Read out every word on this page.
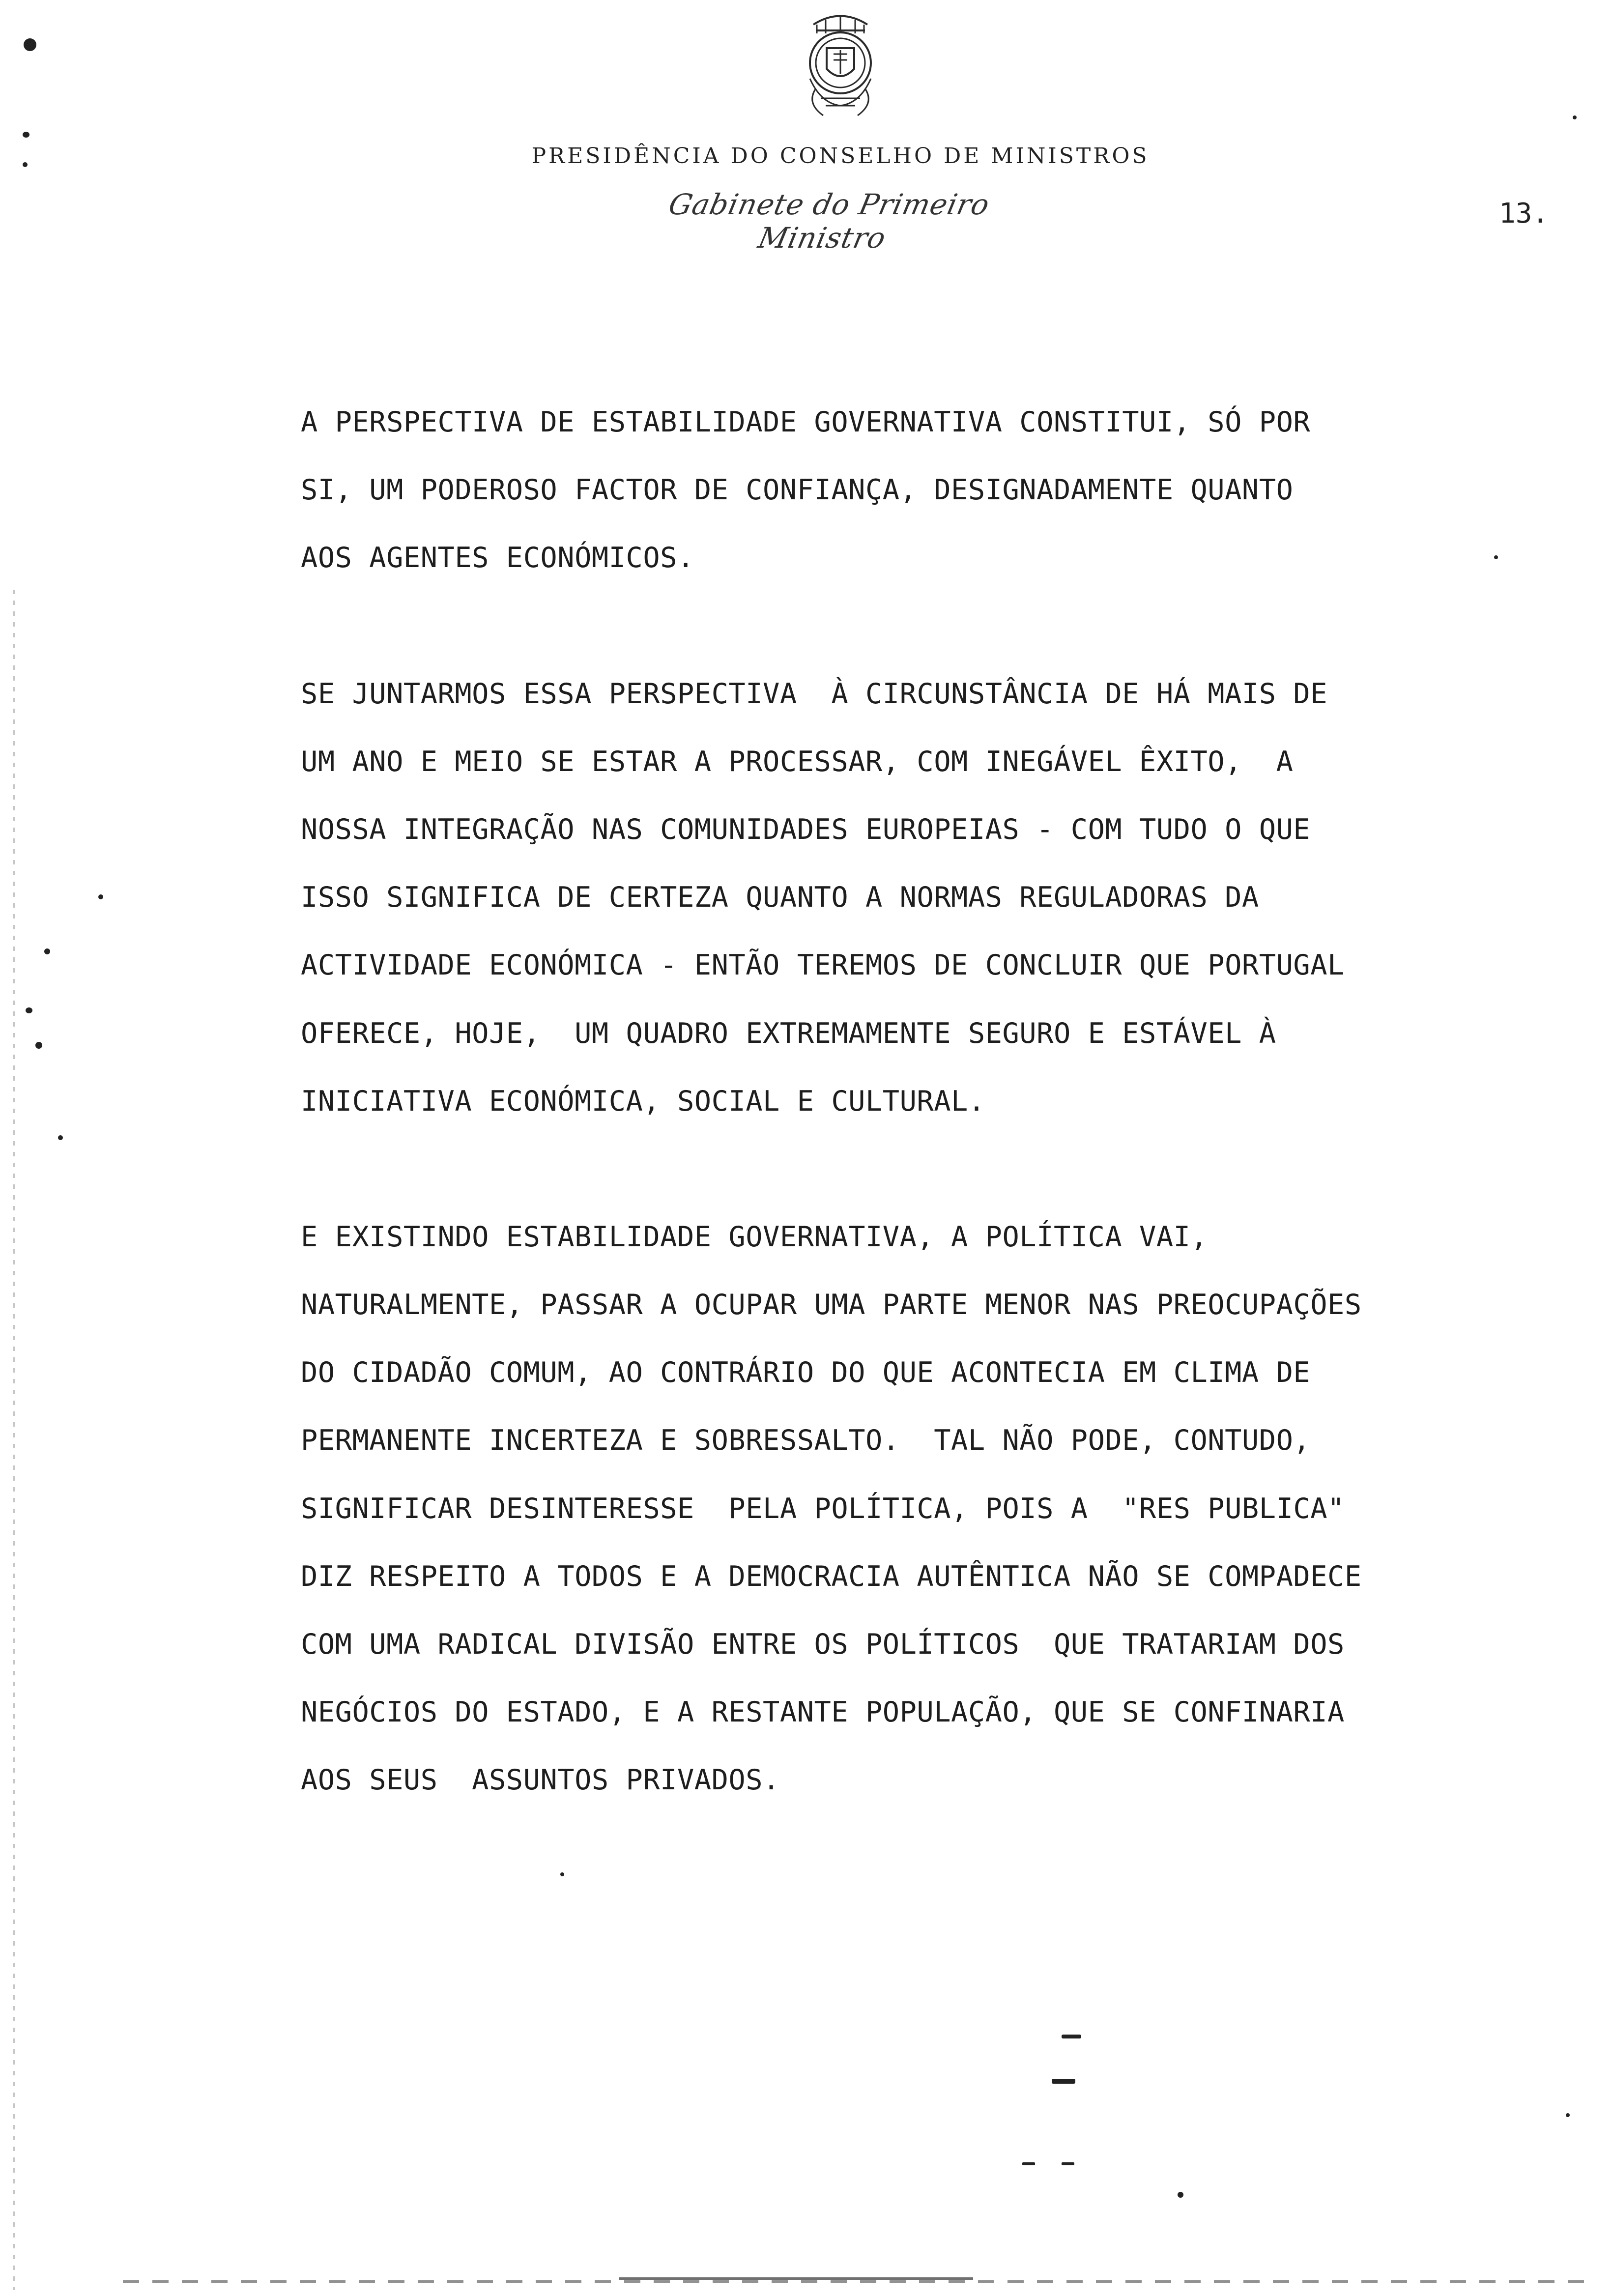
PRESIDÊNCIA DO CONSELHO DE MINISTROS
Gabinete do Primeiro Ministro
13.
A PERSPECTIVA DE ESTABILIDADE GOVERNATIVA CONSTITUI, SÓ POR
SI, UM PODEROSO FACTOR DE CONFIANÇA, DESIGNADAMENTE QUANTO
AOS AGENTES ECONÓMICOS.
SE JUNTARMOS ESSA PERSPECTIVA  À CIRCUNSTÂNCIA DE HÁ MAIS DE
UM ANO E MEIO SE ESTAR A PROCESSAR, COM INEGÁVEL ÊXITO,  A
NOSSA INTEGRAÇÃO NAS COMUNIDADES EUROPEIAS - COM TUDO O QUE
ISSO SIGNIFICA DE CERTEZA QUANTO A NORMAS REGULADORAS DA
ACTIVIDADE ECONÓMICA - ENTÃO TEREMOS DE CONCLUIR QUE PORTUGAL
OFERECE, HOJE,  UM QUADRO EXTREMAMENTE SEGURO E ESTÁVEL À
INICIATIVA ECONÓMICA, SOCIAL E CULTURAL.
E EXISTINDO ESTABILIDADE GOVERNATIVA, A POLÍTICA VAI,
NATURALMENTE, PASSAR A OCUPAR UMA PARTE MENOR NAS PREOCUPAÇÕES
DO CIDADÃO COMUM, AO CONTRÁRIO DO QUE ACONTECIA EM CLIMA DE
PERMANENTE INCERTEZA E SOBRESSALTO.  TAL NÃO PODE, CONTUDO,
SIGNIFICAR DESINTERESSE  PELA POLÍTICA, POIS A  "RES PUBLICA"
DIZ RESPEITO A TODOS E A DEMOCRACIA AUTÊNTICA NÃO SE COMPADECE
COM UMA RADICAL DIVISÃO ENTRE OS POLÍTICOS  QUE TRATARIAM DOS
NEGÓCIOS DO ESTADO, E A RESTANTE POPULAÇÃO, QUE SE CONFINARIA
AOS SEUS  ASSUNTOS PRIVADOS.
